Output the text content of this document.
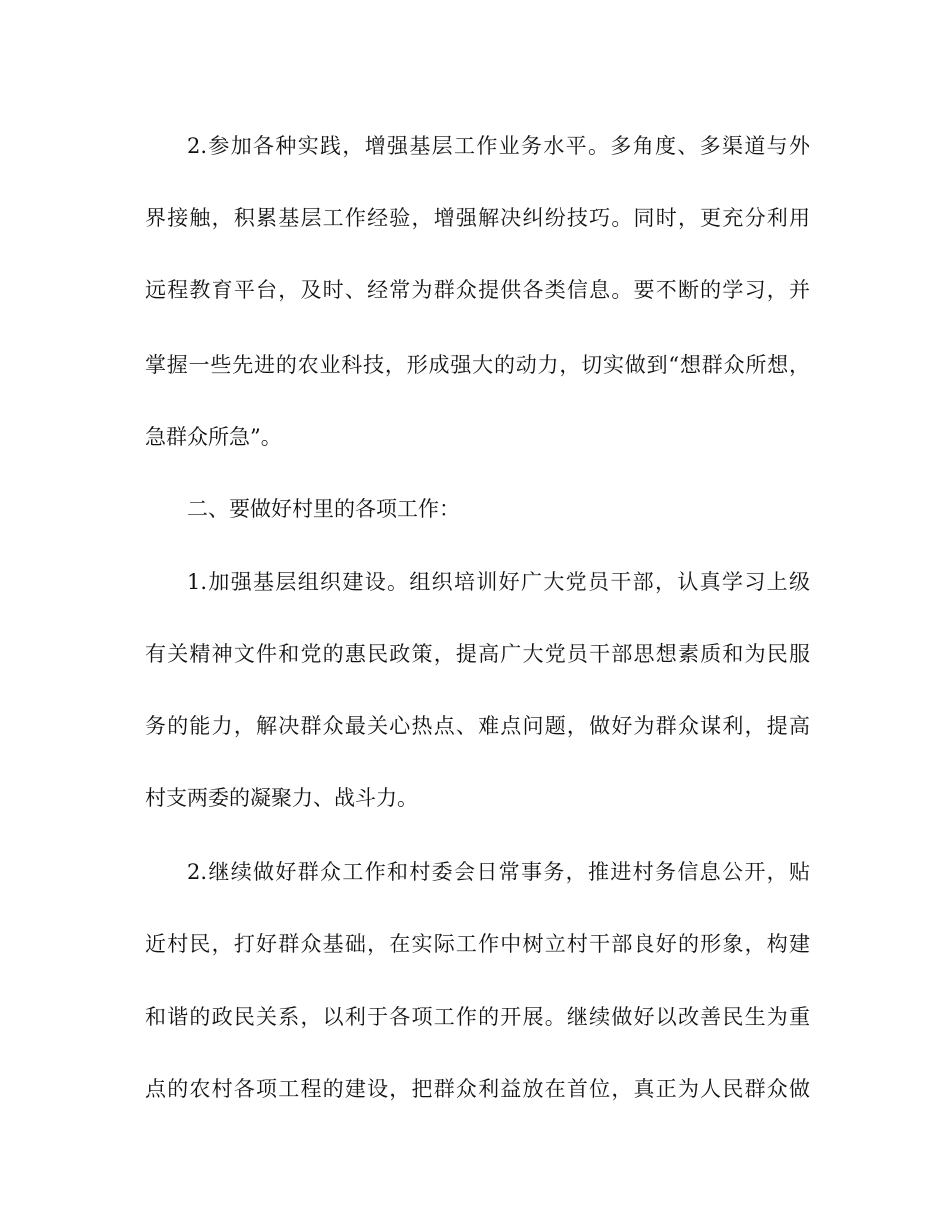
2.参加各种实践，增强基层工作业务水平。多角度、多渠道与外
界接触，积累基层工作经验，增强解决纠纷技巧。同时，更充分利用
远程教育平台，及时、经常为群众提供各类信息。要不断的学习，并
掌握一些先进的农业科技，形成强大的动力，切实做到“想群众所想，
急群众所急”。
二、要做好村里的各项工作：
1.加强基层组织建设。组织培训好广大党员干部，认真学习上级
有关精神文件和党的惠民政策，提高广大党员干部思想素质和为民服
务的能力，解决群众最关心热点、难点问题，做好为群众谋利，提高
村支两委的凝聚力、战斗力。
2.继续做好群众工作和村委会日常事务，推进村务信息公开，贴
近村民，打好群众基础，在实际工作中树立村干部良好的形象，构建
和谐的政民关系，以利于各项工作的开展。继续做好以改善民生为重
点的农村各项工程的建设，把群众利益放在首位，真正为人民群众做
